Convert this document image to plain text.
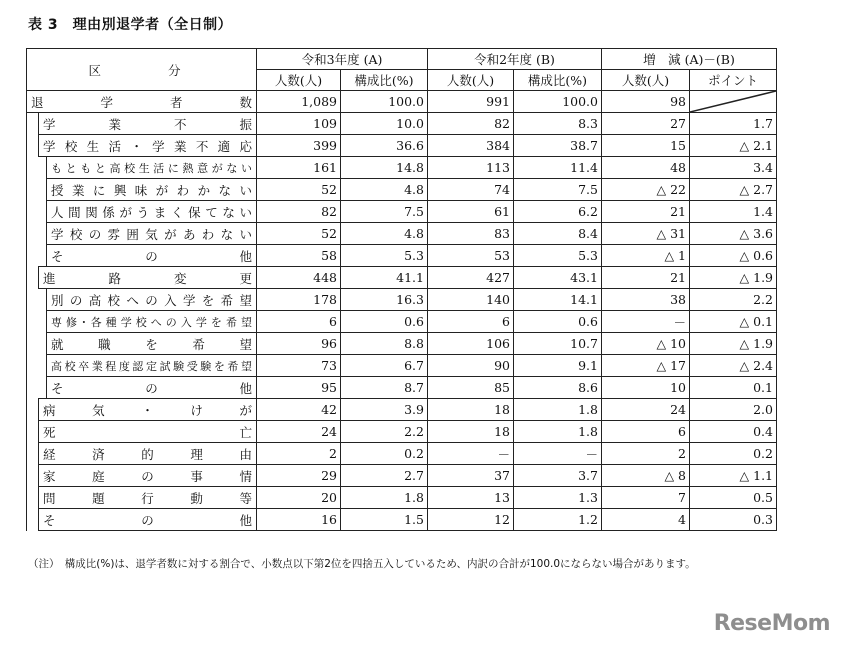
表 3　理由別退学者（全日制）
区　　分			令和3年度 (A)		令和2年度 (B)		増　減 (A)－(B)	
			人数(人)	構成比(%)	人数(人)	構成比(%)	人数(人)	ポイント
退学者数			1,089	100.0	991	100.0	98	

	学業不振		109	10.0	82	8.3	27	1.7
	学校生活・学業不適応		399	36.6	384	38.7	15	△ 2.1
		もともと高校生活に熱意がない	161	14.8	113	11.4	48	3.4
		授業に興味がわかない	52	4.8	74	7.5	△ 22	△ 2.7
		人間関係がうまく保てない	82	7.5	61	6.2	21	1.4
		学校の雰囲気があわない	52	4.8	83	8.4	△ 31	△ 3.6
		その他	58	5.3	53	5.3	△ 1	△ 0.6
	進路変更		448	41.1	427	43.1	21	△ 1.9
		別の高校への入学を希望	178	16.3	140	14.1	38	2.2
		専修･各種学校への入学を希望	6	0.6	6	0.6	－	△ 0.1
		就職を希望	96	8.8	106	10.7	△ 10	△ 1.9
		高校卒業程度認定試験受験を希望	73	6.7	90	9.1	△ 17	△ 2.4
		その他	95	8.7	85	8.6	10	0.1
	病気・けが		42	3.9	18	1.8	24	2.0
	死亡		24	2.2	18	1.8	6	0.4
	経済的理由		2	0.2	－	－	2	0.2
	家庭の事情		29	2.7	37	3.7	△ 8	△ 1.1
	問題行動等		20	1.8	13	1.3	7	0.5
	その他		16	1.5	12	1.2	4	0.3
（注）　構成比(%)は、退学者数に対する割合で、小数点以下第2位を四捨五入しているため、内訳の合計が100.0にならない場合があります。
ReseMom
